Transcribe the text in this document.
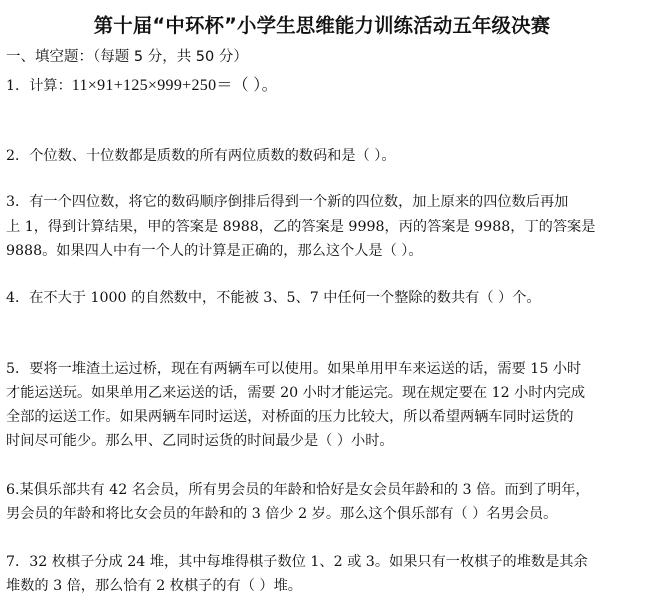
第十届“中环杯”小学生思维能力训练活动五年级决赛
一、填空题：（每题 5 分，共 50 分）
1．计算：11×91+125×999+250＝（ ）。
2．个位数、十位数都是质数的所有两位质数的数码和是（ ）。
3．有一个四位数，将它的数码顺序倒排后得到一个新的四位数，加上原来的四位数后再加
上 1，得到计算结果，甲的答案是 8988，乙的答案是 9998，丙的答案是 9988，丁的答案是
9888。如果四人中有一个人的计算是正确的，那么这个人是（ ）。
4．在不大于 1000 的自然数中，不能被 3、5、7 中任何一个整除的数共有（ ）个。
5．要将一堆渣土运过桥，现在有两辆车可以使用。如果单用甲车来运送的话，需要 15 小时
才能运送玩。如果单用乙来运送的话，需要 20 小时才能运完。现在规定要在 12 小时内完成
全部的运送工作。如果两辆车同时运送，对桥面的压力比较大，所以希望两辆车同时运货的
时间尽可能少。那么甲、乙同时运货的时间最少是（ ）小时。
6.某俱乐部共有 42 名会员，所有男会员的年龄和恰好是女会员年龄和的 3 倍。而到了明年，
男会员的年龄和将比女会员的年龄和的 3 倍少 2 岁。那么这个俱乐部有（ ）名男会员。
7．32 枚棋子分成 24 堆，其中每堆得棋子数位 1、2 或 3。如果只有一枚棋子的堆数是其余
堆数的 3 倍，那么恰有 2 枚棋子的有（ ）堆。
